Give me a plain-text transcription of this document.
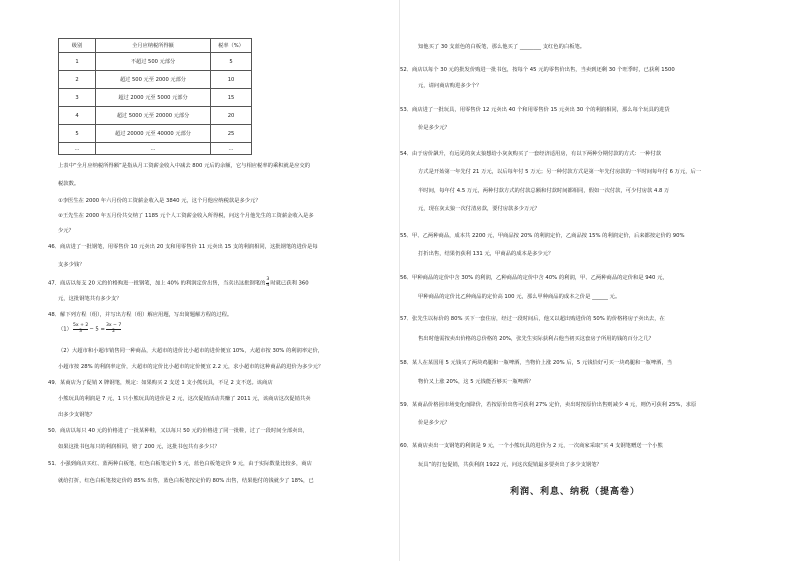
级别	全月应纳税所得额	税率（%）
1	不超过 500 元部分	5
2	超过 500 元至 2000 元部分	10
3	超过 2000 元至 5000 元部分	15
4	超过 5000 元至 20000 元部分	20
5	超过 20000 元至 40000 元部分	25
…	…	…
上表中“全月应纳税所得额”是指从月工资薪金收入中减去 800 元后的余额，它与相应税率的乘积就是应交的
税款数。
①李医生在 2000 年六月份的工资薪金收入是 3840 元，这个月他应纳税款是多少元？
②王先生在 2000 年五月份共交纳了 1185 元个人工资薪金收入所得税，问这个月他先生的工资薪金收入是多
少元？
46．商店进了一批钢笔，用零售价 10 元卖出 20 支和用零售价 11 元卖出 15 支的利润相同，这批钢笔的进价是每
支多少钱？
47．商店以每支 20 元的价格购进一批钢笔，加上 40% 的利润定价出售，当卖出这批钢笔的 $\frac{3}{4}$ 时就已获利 360
元，这批钢笔共有多少支？
48．解下列方程（组），并写出方程（组）解应用题，写出简题解方程的过程。
$(1) \frac{5x + 2}{3} - 5 = \frac{3x - 7}{2}$
（2）大超市和小超市销售同一种商品，大超市的进价比小超市的进价便宜 10%，大超市按 30% 的利润率定价，
小超市按 28% 的利润率定价，大超市的定价比小超市的定价便宜 2.2 元，求小超市的这种商品的进价为多少元？
49．某商店为了促销 X 牌钢笔，规定：如果购买 2 支送 1 支小熊玩具，不足 2 支不送。该商店
小熊玩具的利润是 7 元，1 只小熊玩具的进价是 2 元，这次促销活动共赚了 2011 元，该商店这次促销共卖
出多少支钢笔？
50．商店以每只 40 元的价格进了一批某种鞋，又以每只 50 元的价格进了同一批鞋，过了一段时间全部卖出，
如果这批书包每只的利润相同，赔了 200 元，这批书包共有多少只？
51．小强到商店买红、蓝两种白板笔，红色白板笔定价 5 元，蓝色白板笔定价 9 元，由于实际数量比较多，商店
就给打折，红色白板笔按定价的 85% 出售，蓝色白板笔按定价的 80% 出售，结果他付的钱就少了 18%，已
知他买了 30 支蓝色的白板笔，那么他买了 ________ 支红色的白板笔。
52．商店以每个 30 元的批发价购进一批书包，按每个 45 元的零售价出售，当卖到还剩 30 个旺季时，已获利 1500
元，请问商店购进多少个？
53．商店进了一批玩具，用零售价 12 元卖出 40 个和用零售价 15 元卖出 30 个的利润相同，那么每个玩具的进货
价是多少元？
54．由于房价飙升，有远见的灰太狼想给小灰灰购买了一套经济适用房，有以下两种分期付款的方式：一种付款
方式是开始第一年先付 21 万元，以后每年付 5 万元；另一种付款方式是第一年先付房款的一半时间每年付 6 万元，后一
半时间，每年付 4.5 万元，两种付款方式的付款总额和付款时间都相同，假如一次付款，可少付房款 4.8 万
元，现在灰太狼一次付清房款，要付房款多少万元？
55．甲、乙两种商品，成本共 2200 元，甲商品按 20% 的利润定价，乙商品按 15% 的利润定价，后来都按定价的 90%
打折出售，结果仍获利 131 元，甲商品的成本是多少元？
56．甲种商品的定价中含 30% 的利润，乙种商品的定价中含 40% 的利润，甲、乙两种商品的定价和是 940 元，
甲种商品的定价比乙种商品的定价高 100 元，那么甲种商品的成本之价是 ______ 元。
57．张先生以标价的 80% 买下一套住房，经过一段时间后，他又以超出购进价的 50% 的价格将房子卖出去，在
售出时他需按卖出价格的总价格的 20%，张先生实际获利占他当初买这套房子所用的钱的百分之几？
58．某人在某国用 5 元钱买了两块鸡腿和一瓶啤酒，当物价上涨 20% 后，5 元钱恰好可买一块鸡腿和一瓶啤酒，当
物价又上涨 20%，这 5 元钱能否够买一瓶啤酒？
59．某商品价格因市场变化而降价，若按原价出售可获利 27% 定价，卖出时按原价出售则减少 4 元，则仍可获利 25%，求原
价是多少元？
60．某商店卖出一支钢笔的利润是 9 元，一个小熊玩具的进价为 2 元，一次商家采取“买 4 支钢笔赠送一个小熊
玩具”的打包促销，共获利润 1922 元，问这次促销最多要卖出了多少支钢笔？
利润、利息、纳税（提高卷）
